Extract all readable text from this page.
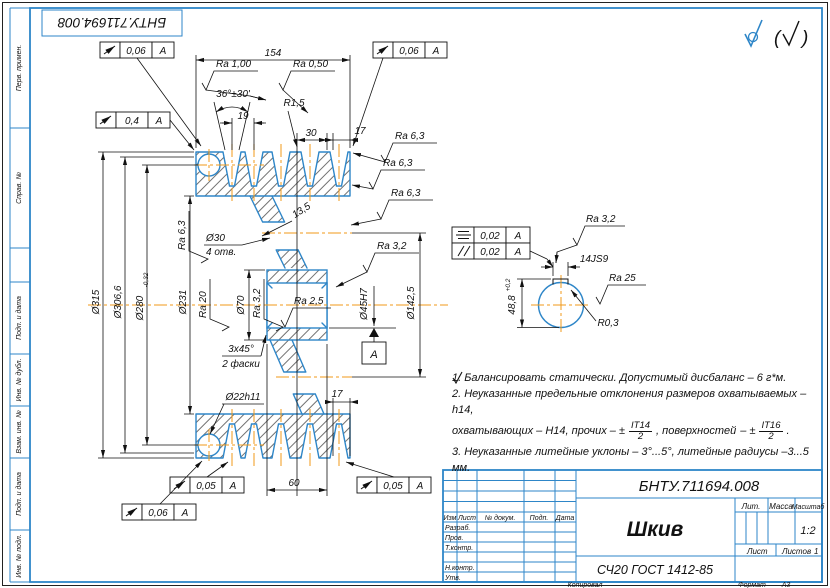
Перв. примен.
Справ. №
Подп. и дата
Инв. № дубл.
Взам. инв. №
Подп. и дата
Инв. № подл.
БНТУ.711694.008
( )
Ø315 Ø306,6 Ø280
-0,32
Ø231
154
19
36°±30'
R1,5
30	17
17
60
Ø70	Ø142,5
Ø45H7
A
Ø30
4 отв.
13,5
Ø22h11
3x45°
2 фаски
Ra 1,00	Ra 0,50
Ra 6,3
Ra 6,3
Ra 6,3
Ra 3,2
Ra 2,5
Ra 20	Ra 3,2
Ra 6,3
0,06 A	0,06 A
0,4 A
0,05 A	0,05 A
0,06 A
14JS9
48,8
+0,2
R0,3
Ra 3,2
Ra 25
0,02 A
0,02 A
БНТУ.711694.008
Шкив
СЧ20 ГОСТ 1412-85
Лит. Масса
Масштаб
1:2
Лист Листов 1
Изм Лист № докум. Подп. Дата
Разраб.
Пров.
Т.контр.
Н.контр.
Утв.
Копировал	Формат А3
1. Балансировать статически. Допустимый дисбаланс – 6 г*м.
2. Неуказанные предельные отклонения размеров охватываемых – h14,
охватывающих – Н14, прочих – ± $\frac{IT14}{2}$ , поверхностей – ± $\frac{IT16}{2}$ .
3. Неуказанные литейные уклоны – 3°...5°, литейные радиусы –3...5 мм.
